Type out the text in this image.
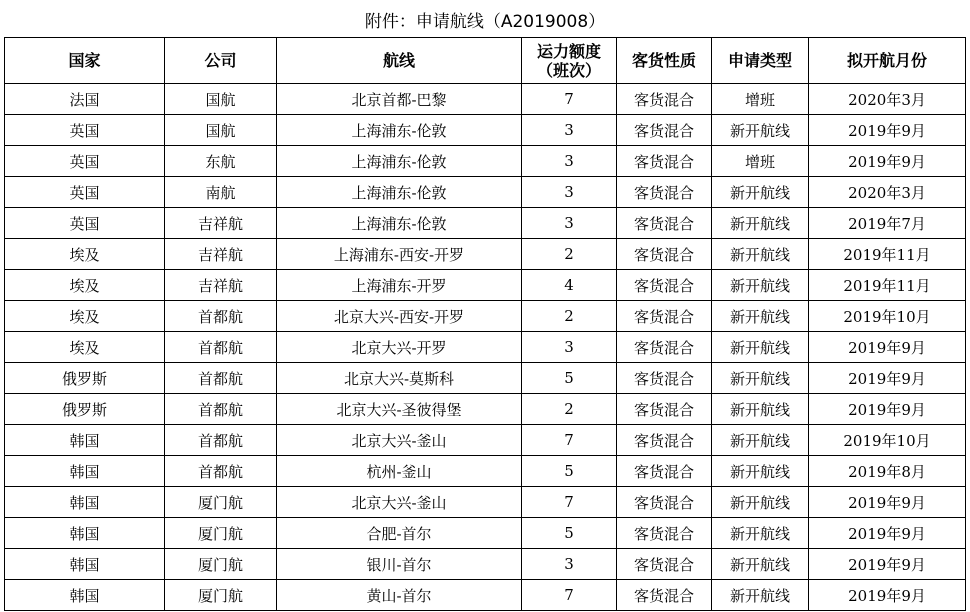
附件：申请航线（A2019008）
国家	公司	航线	运力额度（班次）	客货性质	申请类型	拟开航月份
法国	国航	北京首都-巴黎	7	客货混合	增班	2020年3月
英国	国航	上海浦东-伦敦	3	客货混合	新开航线	2019年9月
英国	东航	上海浦东-伦敦	3	客货混合	增班	2019年9月
英国	南航	上海浦东-伦敦	3	客货混合	新开航线	2020年3月
英国	吉祥航	上海浦东-伦敦	3	客货混合	新开航线	2019年7月
埃及	吉祥航	上海浦东-西安-开罗	2	客货混合	新开航线	2019年11月
埃及	吉祥航	上海浦东-开罗	4	客货混合	新开航线	2019年11月
埃及	首都航	北京大兴-西安-开罗	2	客货混合	新开航线	2019年10月
埃及	首都航	北京大兴-开罗	3	客货混合	新开航线	2019年9月
俄罗斯	首都航	北京大兴-莫斯科	5	客货混合	新开航线	2019年9月
俄罗斯	首都航	北京大兴-圣彼得堡	2	客货混合	新开航线	2019年9月
韩国	首都航	北京大兴-釜山	7	客货混合	新开航线	2019年10月
韩国	首都航	杭州-釜山	5	客货混合	新开航线	2019年8月
韩国	厦门航	北京大兴-釜山	7	客货混合	新开航线	2019年9月
韩国	厦门航	合肥-首尔	5	客货混合	新开航线	2019年9月
韩国	厦门航	银川-首尔	3	客货混合	新开航线	2019年9月
韩国	厦门航	黄山-首尔	7	客货混合	新开航线	2019年9月
